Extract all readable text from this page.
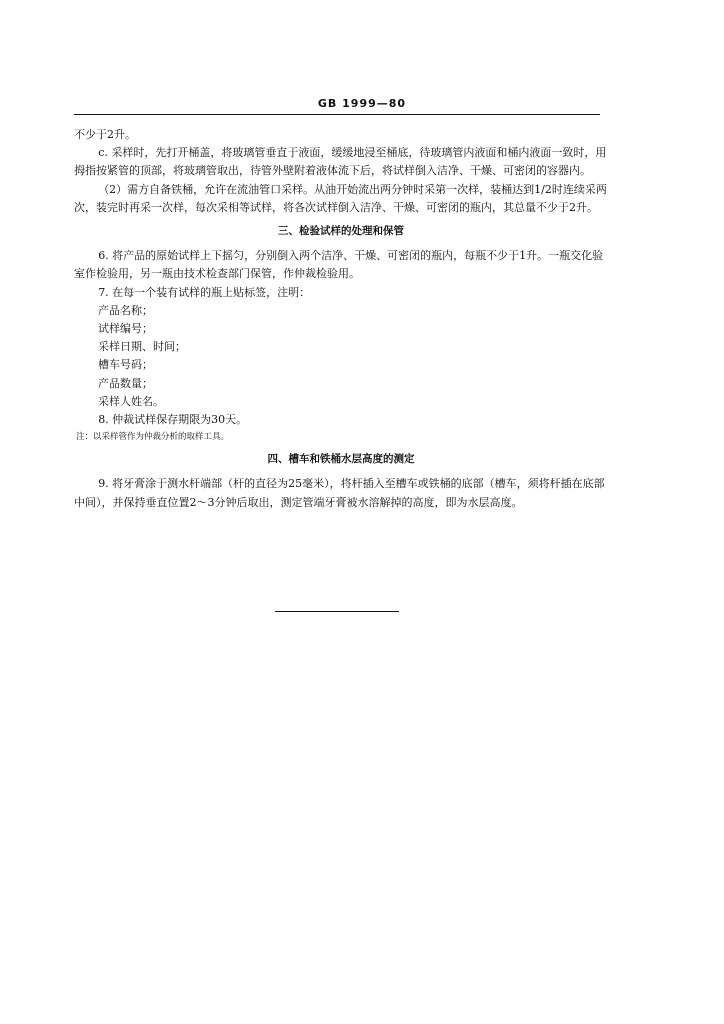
GB 1999—80

不少于2升。

c. 采样时，先打开桶盖，将玻璃管垂直于液面，缓缓地浸至桶底，待玻璃管内液面和桶内液面一致时，用拇指按紧管的顶部，将玻璃管取出，待管外壁附着液体流下后，将试样倒入洁净、干燥、可密闭的容器内。

（2）需方自备铁桶，允许在流油管口采样。从油开始流出两分钟时采第一次样，装桶达到1/2时连续采两次，装完时再采一次样，每次采相等试样，将各次试样倒入洁净、干燥、可密闭的瓶内，其总量不少于2升。

三、检验试样的处理和保管

6. 将产品的原始试样上下摇匀，分别倒入两个洁净、干燥、可密闭的瓶内，每瓶不少于1升。一瓶交化验室作检验用，另一瓶由技术检查部门保管，作仲裁检验用。

7. 在每一个装有试样的瓶上贴标签，注明：

产品名称；

试样编号；

采样日期、时间；

槽车号码；

产品数量；

采样人姓名。

8. 仲裁试样保存期限为30天。

注：以采样管作为仲裁分析的取样工具。

四、槽车和铁桶水层高度的测定

9. 将牙膏涂于测水杆端部（杆的直径为25毫米），将杆插入至槽车或铁桶的底部（槽车，须将杆插在底部中间），并保持垂直位置2～3分钟后取出，测定管端牙膏被水溶解掉的高度，即为水层高度。
